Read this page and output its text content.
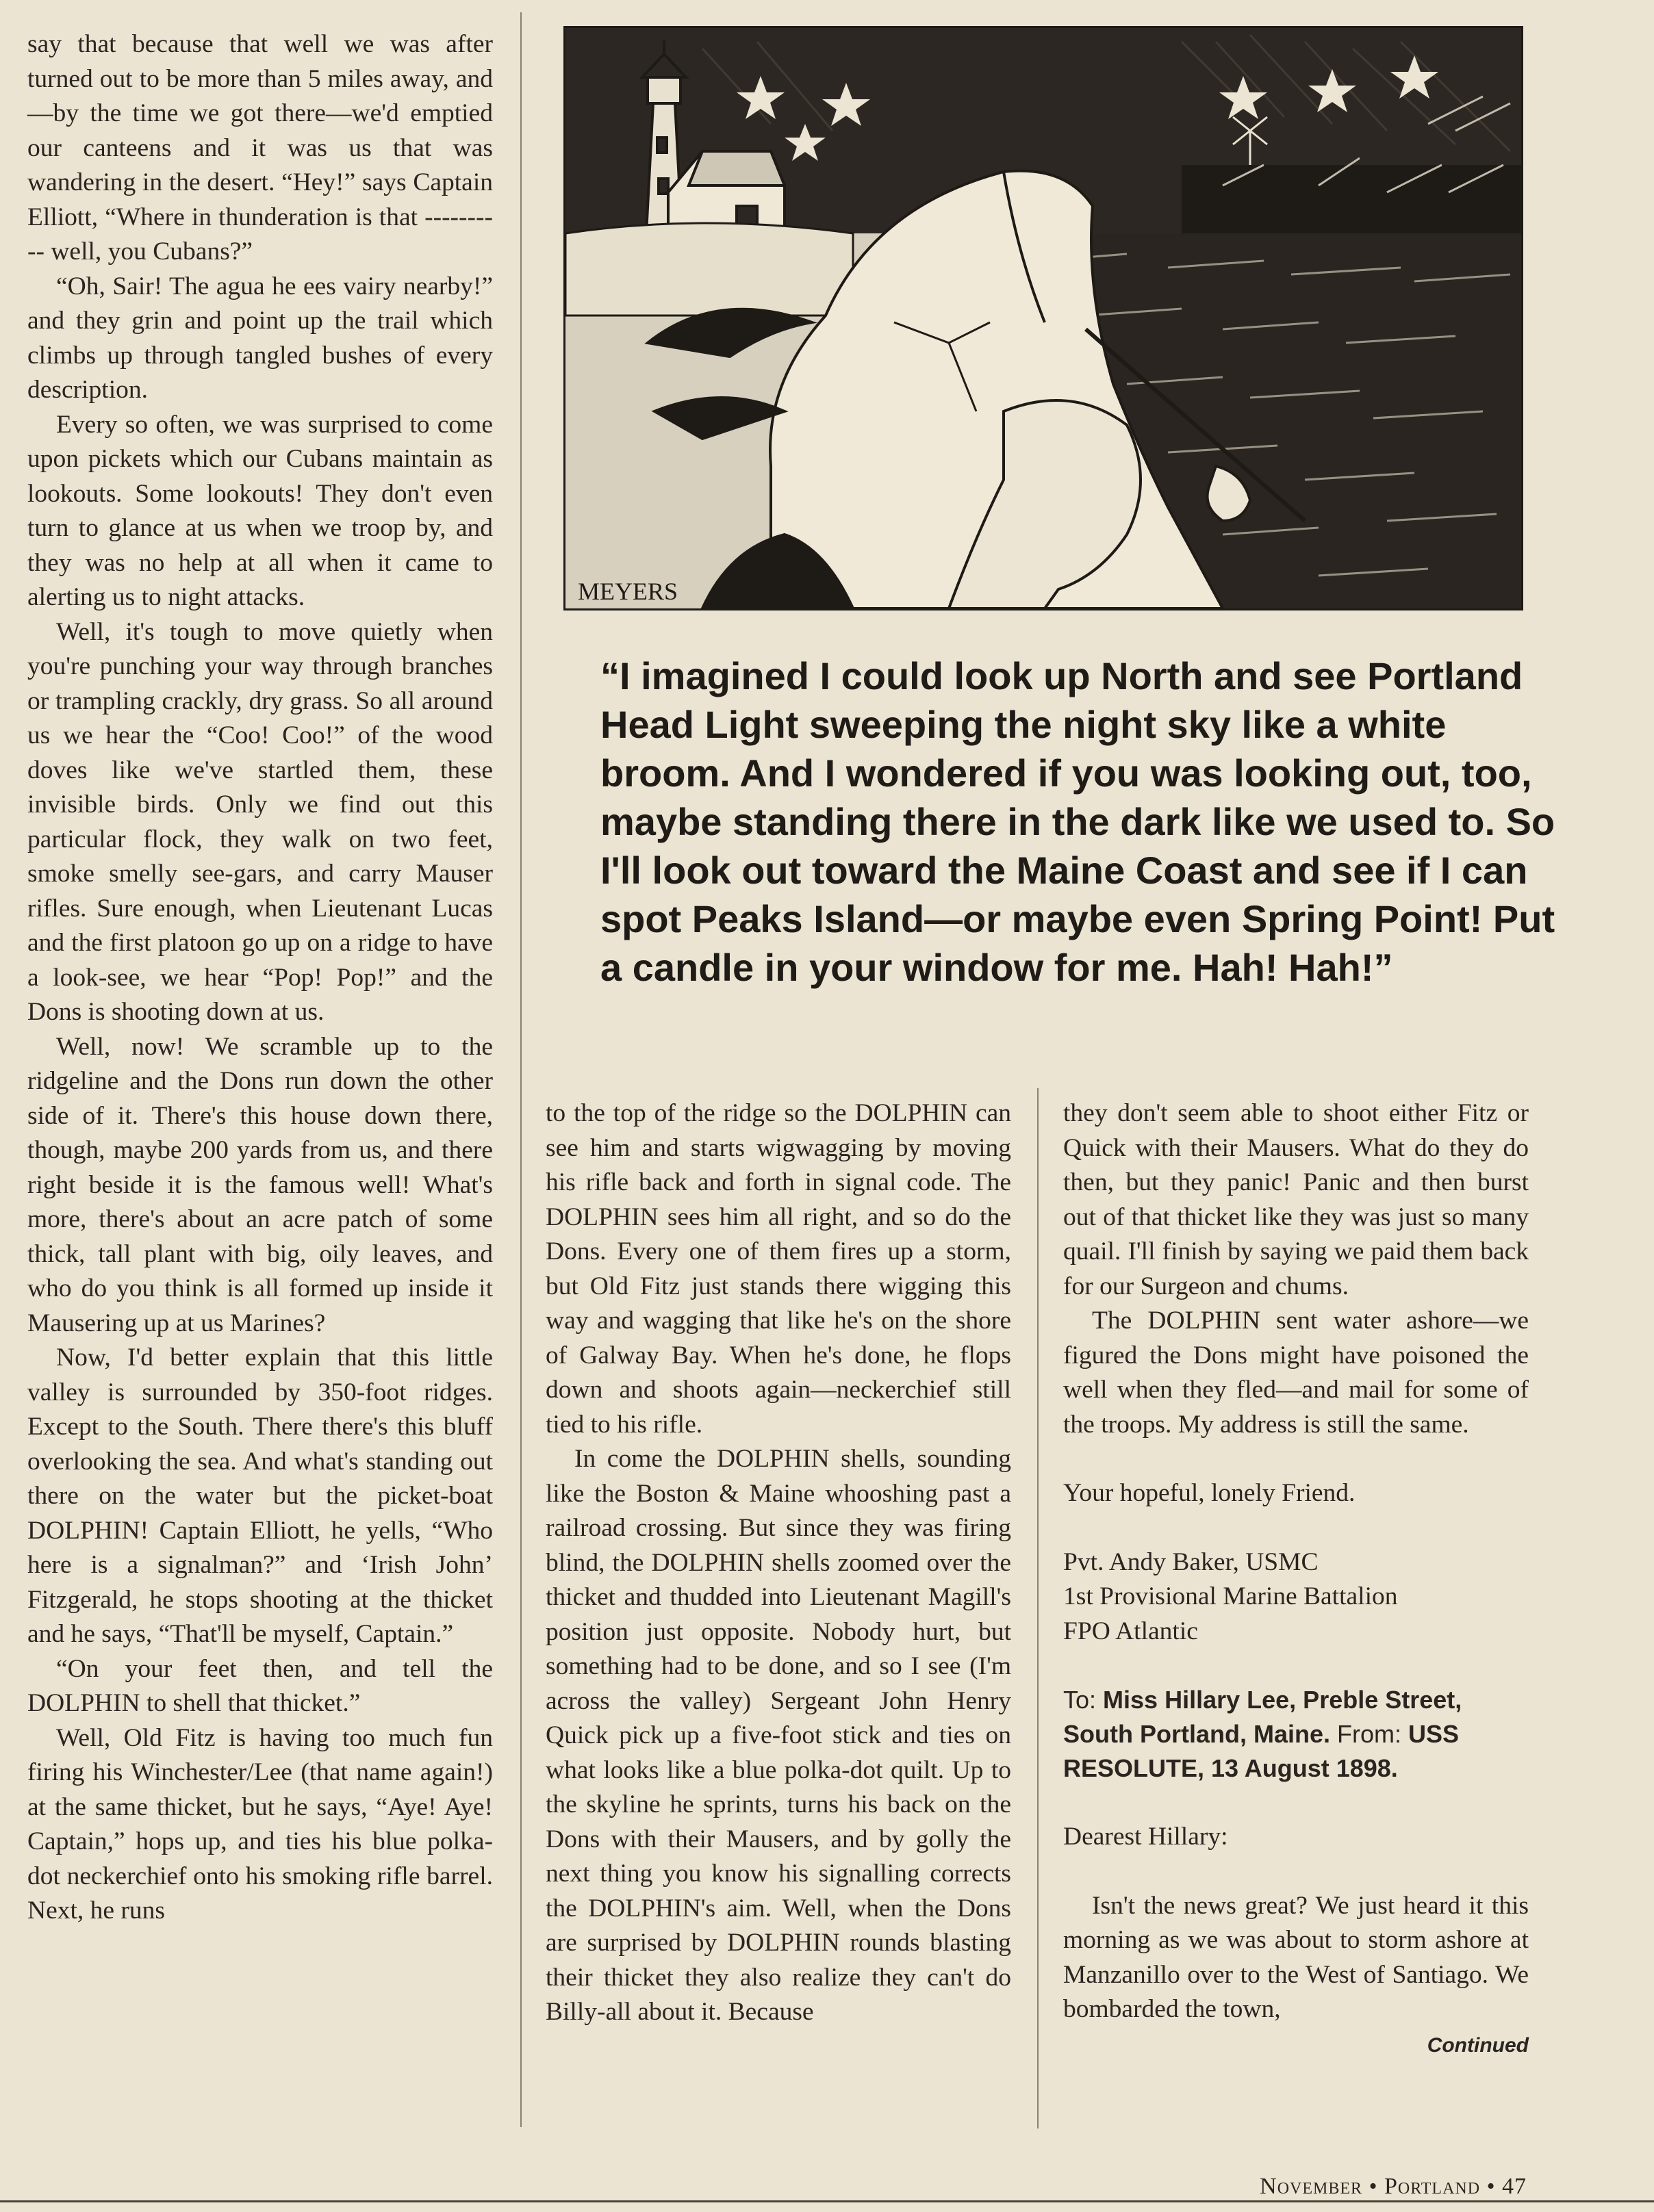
say that because that well we was after turned out to be more than 5 miles away, and—by the time we got there—we'd emptied our canteens and it was us that was wandering in the desert. “Hey!” says Captain Elliott, “Where in thunderation is that ---------- well, you Cubans?”

“Oh, Sair! The agua he ees vairy nearby!” and they grin and point up the trail which climbs up through tangled bushes of every description.

Every so often, we was surprised to come upon pickets which our Cubans maintain as lookouts. Some lookouts! They don't even turn to glance at us when we troop by, and they was no help at all when it came to alerting us to night attacks.

Well, it's tough to move quietly when you're punching your way through branches or trampling crackly, dry grass. So all around us we hear the “Coo! Coo!” of the wood doves like we've startled them, these invisible birds. Only we find out this particular flock, they walk on two feet, smoke smelly see-gars, and carry Mauser rifles. Sure enough, when Lieutenant Lucas and the first platoon go up on a ridge to have a look-see, we hear “Pop! Pop!” and the Dons is shooting down at us.

Well, now! We scramble up to the ridgeline and the Dons run down the other side of it. There's this house down there, though, maybe 200 yards from us, and there right beside it is the famous well! What's more, there's about an acre patch of some thick, tall plant with big, oily leaves, and who do you think is all formed up inside it Mausering up at us Marines?

Now, I'd better explain that this little valley is surrounded by 350-foot ridges. Except to the South. There there's this bluff overlooking the sea. And what's standing out there on the water but the picket-boat DOLPHIN! Captain Elliott, he yells, “Who here is a signalman?” and ‘Irish John’ Fitzgerald, he stops shooting at the thicket and he says, “That'll be myself, Captain.”

“On your feet then, and tell the DOLPHIN to shell that thicket.”

Well, Old Fitz is having too much fun firing his Winchester/Lee (that name again!) at the same thicket, but he says, “Aye! Aye! Captain,” hops up, and ties his blue polka-dot neckerchief onto his smoking rifle barrel. Next, he runs

MEYERS
“I imagined I could look up North and see Portland Head Light sweeping the night sky like a white broom. And I wondered if you was looking out, too, maybe standing there in the dark like we used to. So I'll look out toward the Maine Coast and see if I can spot Peaks Island—or maybe even Spring Point! Put a candle in your window for me. Hah! Hah!”

to the top of the ridge so the DOLPHIN can see him and starts wigwagging by moving his rifle back and forth in signal code. The DOLPHIN sees him all right, and so do the Dons. Every one of them fires up a storm, but Old Fitz just stands there wigging this way and wagging that like he's on the shore of Galway Bay. When he's done, he flops down and shoots again—neckerchief still tied to his rifle.

In come the DOLPHIN shells, sounding like the Boston & Maine whooshing past a railroad crossing. But since they was firing blind, the DOLPHIN shells zoomed over the thicket and thudded into Lieutenant Magill's position just opposite. Nobody hurt, but something had to be done, and so I see (I'm across the valley) Sergeant John Henry Quick pick up a five-foot stick and ties on what looks like a blue polka-dot quilt. Up to the skyline he sprints, turns his back on the Dons with their Mausers, and by golly the next thing you know his signalling corrects the DOLPHIN's aim. Well, when the Dons are surprised by DOLPHIN rounds blasting their thicket they also realize they can't do Billy-all about it. Because

they don't seem able to shoot either Fitz or Quick with their Mausers. What do they do then, but they panic! Panic and then burst out of that thicket like they was just so many quail. I'll finish by saying we paid them back for our Surgeon and chums.

The DOLPHIN sent water ashore—we figured the Dons might have poisoned the well when they fled—and mail for some of the troops. My address is still the same.

Your hopeful, lonely Friend.

Pvt. Andy Baker, USMC

1st Provisional Marine Battalion

FPO Atlantic

To: Miss Hillary Lee, Preble Street, South Portland, Maine. From: USS RESOLUTE, 13 August 1898.

Dearest Hillary:

Isn't the news great? We just heard it this morning as we was about to storm ashore at Manzanillo over to the West of Santiago. We bombarded the town,

Continued
November • Portland • 47
